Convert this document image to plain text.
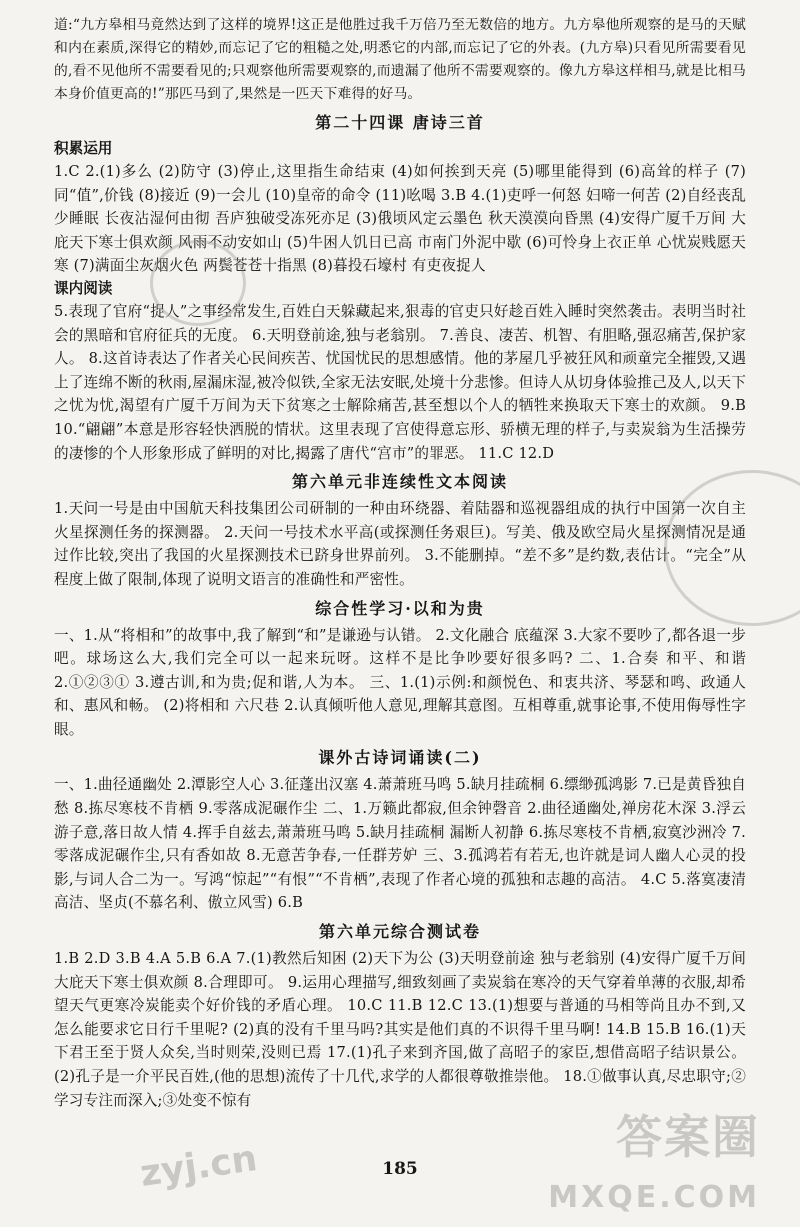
道:“九方皋相马竟然达到了这样的境界!这正是他胜过我千万倍乃至无数倍的地方。九方皋他所观察的是马的天赋和内在素质,深得它的精妙,而忘记了它的粗糙之处,明悉它的内部,而忘记了它的外表。(九方皋)只看见所需要看见的,看不见他所不需要看见的;只观察他所需要观察的,而遗漏了他所不需要观察的。像九方皋这样相马,就是比相马本身价值更高的!”那匹马到了,果然是一匹天下难得的好马。

第二十四课 唐诗三首
积累运用

1.C 2.(1)多么 (2)防守 (3)停止,这里指生命结束 (4)如何挨到天亮 (5)哪里能得到 (6)高耸的样子 (7)同“值”,价钱 (8)接近 (9)一会儿 (10)皇帝的命令 (11)吆喝 3.B 4.(1)吏呼一何怒 妇啼一何苦 (2)自经丧乱少睡眠 长夜沾湿何由彻 吾庐独破受冻死亦足 (3)俄顷风定云墨色 秋天漠漠向昏黑 (4)安得广厦千万间 大庇天下寒士俱欢颜 风雨不动安如山 (5)牛困人饥日已高 市南门外泥中歇 (6)可怜身上衣正单 心忧炭贱愿天寒 (7)满面尘灰烟火色 两鬓苍苍十指黑 (8)暮投石壕村 有吏夜捉人

课内阅读

5.表现了官府“捉人”之事经常发生,百姓白天躲藏起来,狠毒的官吏只好趁百姓入睡时突然袭击。表明当时社会的黑暗和官府征兵的无度。 6.天明登前途,独与老翁别。 7.善良、凄苦、机智、有胆略,强忍痛苦,保护家人。 8.这首诗表达了作者关心民间疾苦、忧国忧民的思想感情。他的茅屋几乎被狂风和顽童完全摧毁,又遇上了连绵不断的秋雨,屋漏床湿,被冷似铁,全家无法安眠,处境十分悲惨。但诗人从切身体验推己及人,以天下之忧为忧,渴望有广厦千万间为天下贫寒之士解除痛苦,甚至想以个人的牺牲来换取天下寒士的欢颜。 9.B 10.“翩翩”本意是形容轻快洒脱的情状。这里表现了宫使得意忘形、骄横无理的样子,与卖炭翁为生活操劳的凄惨的个人形象形成了鲜明的对比,揭露了唐代“宫市”的罪恶。 11.C 12.D

第六单元非连续性文本阅读

1.天问一号是由中国航天科技集团公司研制的一种由环绕器、着陆器和巡视器组成的执行中国第一次自主火星探测任务的探测器。 2.天问一号技术水平高(或探测任务艰巨)。写美、俄及欧空局火星探测情况是通过作比较,突出了我国的火星探测技术已跻身世界前列。 3.不能删掉。“差不多”是约数,表估计。“完全”从程度上做了限制,体现了说明文语言的准确性和严密性。

综合性学习·以和为贵

一、1.从“将相和”的故事中,我了解到“和”是谦逊与认错。 2.文化融合 底蕴深 3.大家不要吵了,都各退一步吧。球场这么大,我们完全可以一起来玩呀。这样不是比争吵要好很多吗? 二、1.合奏 和平、和谐 2.①②③① 3.遵古训,和为贵;促和谐,人为本。 三、1.(1)示例:和颜悦色、和衷共济、琴瑟和鸣、政通人和、惠风和畅。 (2)将相和 六尺巷 2.认真倾听他人意见,理解其意图。互相尊重,就事论事,不使用侮辱性字眼。

课外古诗词诵读(二)

一、1.曲径通幽处 2.潭影空人心 3.征蓬出汉塞 4.萧萧班马鸣 5.缺月挂疏桐 6.缥缈孤鸿影 7.已是黄昏独自愁 8.拣尽寒枝不肯栖 9.零落成泥碾作尘 二、1.万籁此都寂,但余钟磬音 2.曲径通幽处,禅房花木深 3.浮云游子意,落日故人情 4.挥手自兹去,萧萧班马鸣 5.缺月挂疏桐 漏断人初静 6.拣尽寒枝不肯栖,寂寞沙洲冷 7.零落成泥碾作尘,只有香如故 8.无意苦争春,一任群芳妒 三、3.孤鸿若有若无,也许就是词人幽人心灵的投影,与词人合二为一。写鸿“惊起”“有恨”“不肯栖”,表现了作者心境的孤独和志趣的高洁。 4.C 5.落寞凄清 高洁、坚贞(不慕名利、傲立风雪) 6.B

第六单元综合测试卷

1.B 2.D 3.B 4.A 5.B 6.A 7.(1)教然后知困 (2)天下为公 (3)天明登前途 独与老翁别 (4)安得广厦千万间 大庇天下寒士俱欢颜 8.合理即可。 9.运用心理描写,细致刻画了卖炭翁在寒冷的天气穿着单薄的衣服,却希望天气更寒冷炭能卖个好价钱的矛盾心理。 10.C 11.B 12.C 13.(1)想要与普通的马相等尚且办不到,又怎么能要求它日行千里呢? (2)真的没有千里马吗?其实是他们真的不识得千里马啊! 14.B 15.B 16.(1)天下君王至于贤人众矣,当时则荣,没则已焉 17.(1)孔子来到齐国,做了高昭子的家臣,想借高昭子结识景公。 (2)孔子是一介平民百姓,(他的思想)流传了十几代,求学的人都很尊敬推崇他。 18.①做事认真,尽忠职守;②学习专注而深入;③处变不惊有

185
zyj.cn
答案圈
MXQE.COM
